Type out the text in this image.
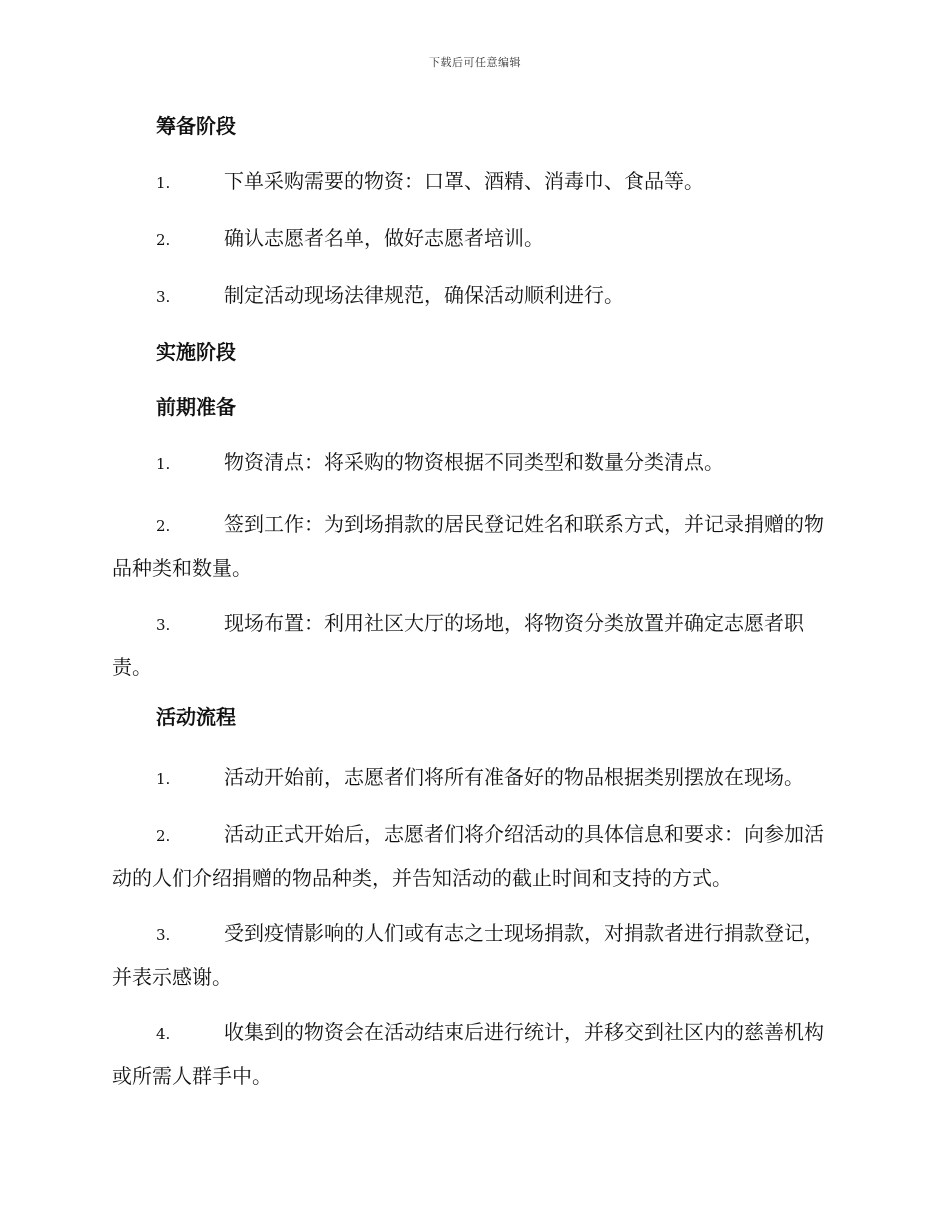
下载后可任意编辑
筹备阶段

1.	下单采购需要的物资：口罩、酒精、消毒巾、食品等。

2.	确认志愿者名单，做好志愿者培训。

3.	制定活动现场法律规范，确保活动顺利进行。

实施阶段
前期准备

1.	物资清点：将采购的物资根据不同类型和数量分类清点。

2.	签到工作：为到场捐款的居民登记姓名和联系方式，并记录捐赠的物品种类和数量。

3.	现场布置：利用社区大厅的场地，将物资分类放置并确定志愿者职责。

活动流程

1.	活动开始前，志愿者们将所有准备好的物品根据类别摆放在现场。

2.	活动正式开始后，志愿者们将介绍活动的具体信息和要求：向参加活动的人们介绍捐赠的物品种类，并告知活动的截止时间和支持的方式。

3.	受到疫情影响的人们或有志之士现场捐款，对捐款者进行捐款登记，并表示感谢。

4.	收集到的物资会在活动结束后进行统计，并移交到社区内的慈善机构或所需人群手中。
